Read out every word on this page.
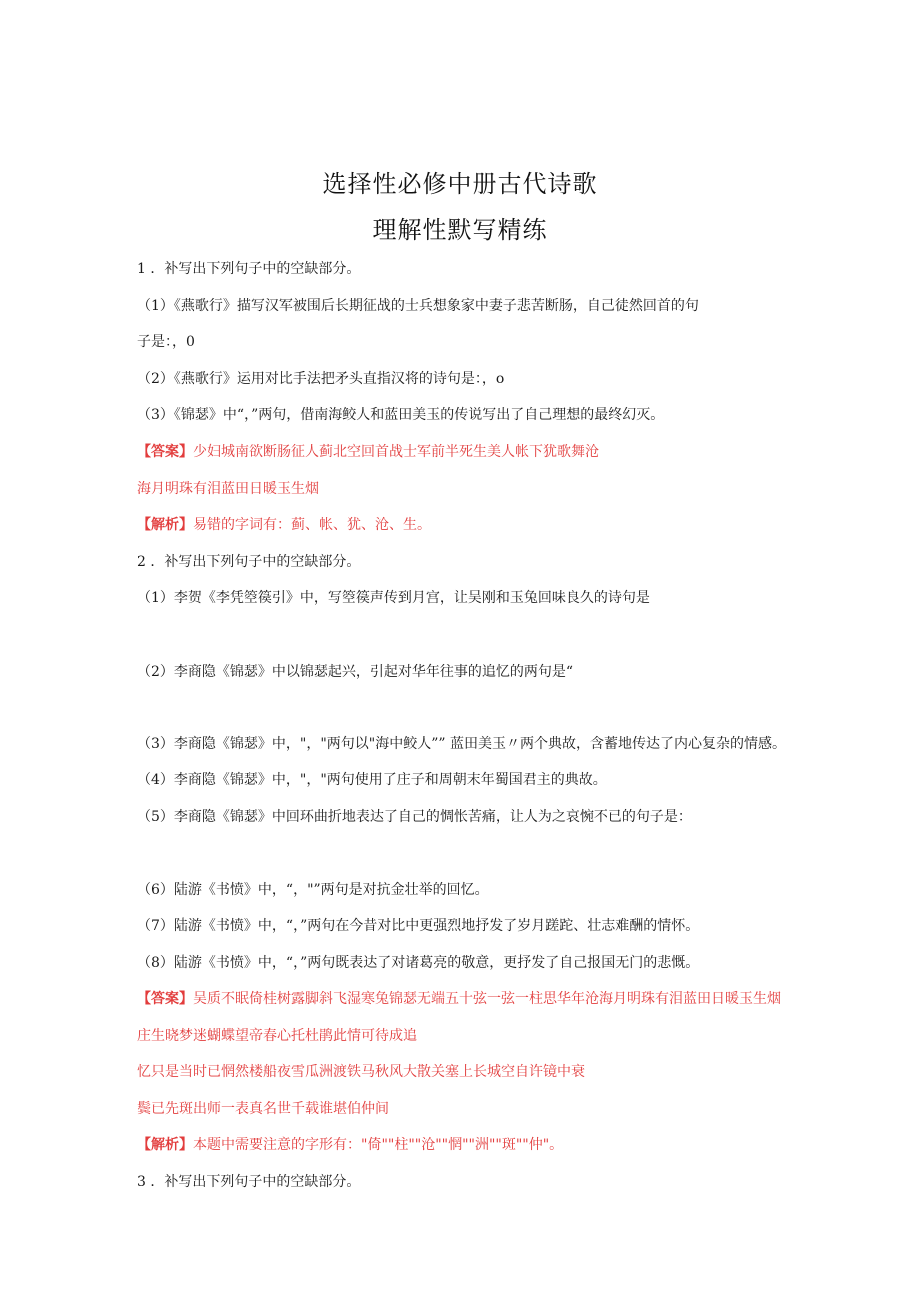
选择性必修中册古代诗歌
理解性默写精练
1 ．补写出下列句子中的空缺部分。
（1）《燕歌行》描写汉军被围后长期征战的士兵想象家中妻子悲苦断肠，自己徒然回首的句
子是：，0
（2）《燕歌行》运用对比手法把矛头直指汉将的诗句是：，o
（3）《锦瑟》中“，”两句，借南海鲛人和蓝田美玉的传说写出了自己理想的最终幻灭。
【答案】少妇城南欲断肠征人蓟北空回首战士军前半死生美人帐下犹歌舞沧
海月明珠有泪蓝田日暖玉生烟
【解析】易错的字词有：蓟、帐、犹、沧、生。
2 ．补写出下列句子中的空缺部分。
（1）李贺《李凭箜篌引》中，写箜篌声传到月宫，让吴刚和玉兔回味良久的诗句是
（2）李商隐《锦瑟》中以锦瑟起兴，引起对华年往事的追忆的两句是“
（3）李商隐《锦瑟》中，"，"两句以"海中鲛人”” 蓝田美玉〃两个典故，含蓄地传达了内心复杂的情感。
（4）李商隐《锦瑟》中，"，"两句使用了庄子和周朝末年蜀国君主的典故。
（5）李商隐《锦瑟》中回环曲折地表达了自己的惆怅苦痛，让人为之哀惋不已的句子是：
（6）陆游《书愤》中，“，"”两句是对抗金壮举的回忆。
（7）陆游《书愤》中，“，”两句在今昔对比中更强烈地抒发了岁月蹉跎、壮志难酬的情怀。
（8）陆游《书愤》中，“，”两句既表达了对诸葛亮的敬意，更抒发了自己报国无门的悲慨。
【答案】吴质不眠倚桂树露脚斜飞湿寒兔锦瑟无端五十弦一弦一柱思华年沧海月明珠有泪蓝田日暖玉生烟
庄生晓梦迷蝴蝶望帝春心托杜鹃此情可待成追
忆只是当时已惘然楼船夜雪瓜洲渡铁马秋风大散关塞上长城空自许镜中衰
鬓已先斑出师一表真名世千载谁堪伯仲间
【解析】本题中需要注意的字形有："倚""柱""沧""惘""洲""斑""仲"。
3 ．补写出下列句子中的空缺部分。
